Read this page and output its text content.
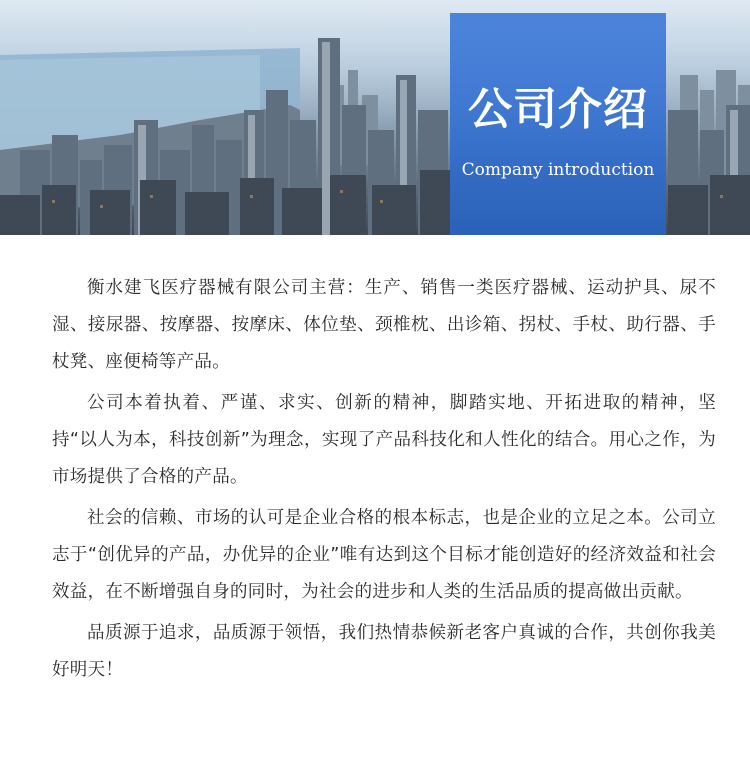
公司介绍
Company introduction

衡水建飞医疗器械有限公司主营：生产、销售一类医疗器械、运动护具、尿不湿、接尿器、按摩器、按摩床、体位垫、颈椎枕、出诊箱、拐杖、手杖、助行器、手杖凳、座便椅等产品。

公司本着执着、严谨、求实、创新的精神，脚踏实地、开拓进取的精神，坚持“以人为本，科技创新”为理念，实现了产品科技化和人性化的结合。用心之作，为市场提供了合格的产品。

社会的信赖、市场的认可是企业合格的根本标志，也是企业的立足之本。公司立志于“创优异的产品，办优异的企业”唯有达到这个目标才能创造好的经济效益和社会效益，在不断增强自身的同时，为社会的进步和人类的生活品质的提高做出贡献。

品质源于追求，品质源于领悟，我们热情恭候新老客户真诚的合作，共创你我美好明天！
